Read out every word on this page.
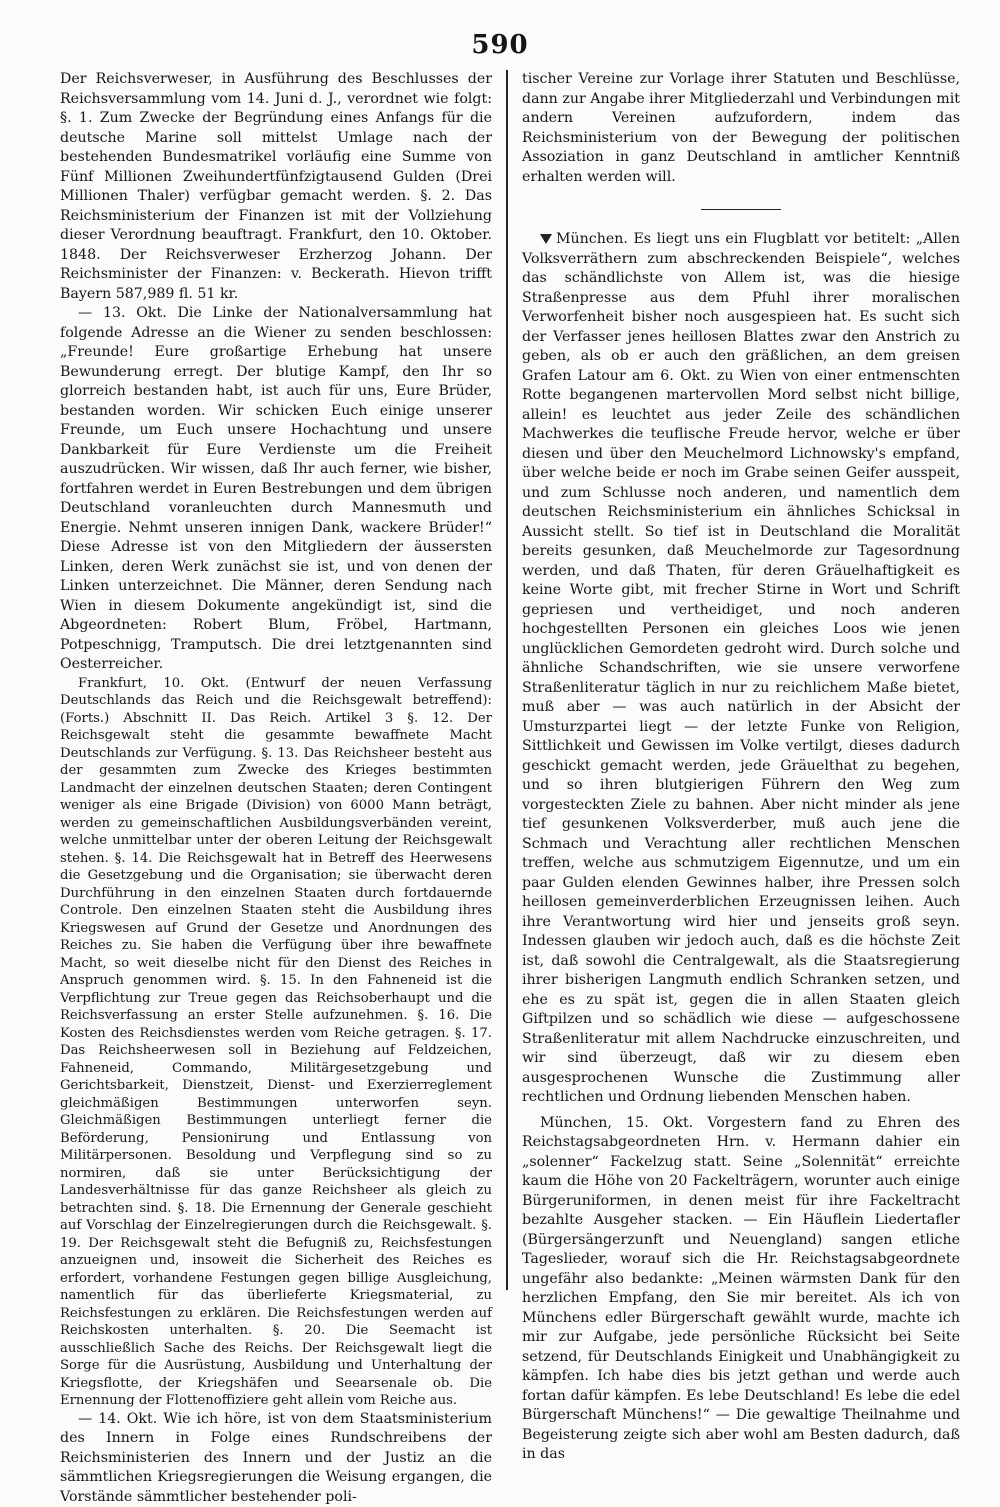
590

Der Reichsverweser, in Ausführung des Beschlusses der Reichsversammlung vom 14. Juni d. J., verordnet wie folgt: §. 1. Zum Zwecke der Begründung eines Anfangs für die deutsche Marine soll mittelst Umlage nach der bestehenden Bundesmatrikel vorläufig eine Summe von Fünf Millionen Zweihundertfünfzigtausend Gulden (Drei Millionen Thaler) verfügbar gemacht werden. §. 2. Das Reichsministerium der Finanzen ist mit der Vollziehung dieser Verordnung beauftragt. Frankfurt, den 10. Oktober. 1848. Der Reichsverweser Erzherzog Johann. Der Reichsminister der Finanzen: v. Beckerath. Hievon trifft Bayern 587,989 fl. 51 kr.

— 13. Okt. Die Linke der Nationalversammlung hat folgende Adresse an die Wiener zu senden beschlossen: „Freunde! Eure großartige Erhebung hat unsere Bewunderung erregt. Der blutige Kampf, den Ihr so glorreich bestanden habt, ist auch für uns, Eure Brüder, bestanden worden. Wir schicken Euch einige unserer Freunde, um Euch unsere Hochachtung und unsere Dankbarkeit für Eure Verdienste um die Freiheit auszudrücken. Wir wissen, daß Ihr auch ferner, wie bisher, fortfahren werdet in Euren Bestrebungen und dem übrigen Deutschland voranleuchten durch Mannesmuth und Energie. Nehmt unseren innigen Dank, wackere Brüder!“ Diese Adresse ist von den Mitgliedern der äussersten Linken, deren Werk zunächst sie ist, und von denen der Linken unterzeichnet. Die Männer, deren Sendung nach Wien in diesem Dokumente angekündigt ist, sind die Abgeordneten: Robert Blum, Fröbel, Hartmann, Potpeschnigg, Tramputsch. Die drei letztgenannten sind Oesterreicher.

Frankfurt, 10. Okt. (Entwurf der neuen Verfassung Deutschlands das Reich und die Reichsgewalt betreffend): (Forts.) Abschnitt II. Das Reich. Artikel 3 §. 12. Der Reichsgewalt steht die gesammte bewaffnete Macht Deutschlands zur Verfügung. §. 13. Das Reichsheer besteht aus der gesammten zum Zwecke des Krieges bestimmten Landmacht der einzelnen deutschen Staaten; deren Contingent weniger als eine Brigade (Division) von 6000 Mann beträgt, werden zu gemeinschaftlichen Ausbildungsverbänden vereint, welche unmittelbar unter der oberen Leitung der Reichsgewalt stehen. §. 14. Die Reichsgewalt hat in Betreff des Heerwesens die Gesetzgebung und die Organisation; sie überwacht deren Durchführung in den einzelnen Staaten durch fortdauernde Controle. Den einzelnen Staaten steht die Ausbildung ihres Kriegswesen auf Grund der Gesetze und Anordnungen des Reiches zu. Sie haben die Verfügung über ihre bewaffnete Macht, so weit dieselbe nicht für den Dienst des Reiches in Anspruch genommen wird. §. 15. In den Fahneneid ist die Verpflichtung zur Treue gegen das Reichsoberhaupt und die Reichsverfassung an erster Stelle aufzunehmen. §. 16. Die Kosten des Reichsdienstes werden vom Reiche getragen. §. 17. Das Reichsheerwesen soll in Beziehung auf Feldzeichen, Fahneneid, Commando, Militärgesetzgebung und Gerichtsbarkeit, Dienstzeit, Dienst- und Exerzierreglement gleichmäßigen Bestimmungen unterworfen seyn. Gleichmäßigen Bestimmungen unterliegt ferner die Beförderung, Pensionirung und Entlassung von Militärpersonen. Besoldung und Verpflegung sind so zu normiren, daß sie unter Berücksichtigung der Landesverhältnisse für das ganze Reichsheer als gleich zu betrachten sind. §. 18. Die Ernennung der Generale geschieht auf Vorschlag der Einzelregierungen durch die Reichsgewalt. §. 19. Der Reichsgewalt steht die Befugniß zu, Reichsfestungen anzueignen und, insoweit die Sicherheit des Reiches es erfordert, vorhandene Festungen gegen billige Ausgleichung, namentlich für das überlieferte Kriegsmaterial, zu Reichsfestungen zu erklären. Die Reichsfestungen werden auf Reichskosten unterhalten. §. 20. Die Seemacht ist ausschließlich Sache des Reichs. Der Reichsgewalt liegt die Sorge für die Ausrüstung, Ausbildung und Unterhaltung der Kriegsflotte, der Kriegshäfen und Seearsenale ob. Die Ernennung der Flottenoffiziere geht allein vom Reiche aus.

— 14. Okt. Wie ich höre, ist von dem Staatsministerium des Innern in Folge eines Rundschreibens der Reichsministerien des Innern und der Justiz an die sämmtlichen Kriegsregierungen die Weisung ergangen, die Vorstände sämmtlicher bestehender poli-

tischer Vereine zur Vorlage ihrer Statuten und Beschlüsse, dann zur Angabe ihrer Mitgliederzahl und Verbindungen mit andern Vereinen aufzufordern, indem das Reichsministerium von der Bewegung der politischen Assoziation in ganz Deutschland in amtlicher Kenntniß erhalten werden will.

München. Es liegt uns ein Flugblatt vor betitelt: „Allen Volksverräthern zum abschreckenden Beispiele“, welches das schändlichste von Allem ist, was die hiesige Straßenpresse aus dem Pfuhl ihrer moralischen Verworfenheit bisher noch ausgespieen hat. Es sucht sich der Verfasser jenes heillosen Blattes zwar den Anstrich zu geben, als ob er auch den gräßlichen, an dem greisen Grafen Latour am 6. Okt. zu Wien von einer entmenschten Rotte begangenen martervollen Mord selbst nicht billige, allein! es leuchtet aus jeder Zeile des schändlichen Machwerkes die teuflische Freude hervor, welche er über diesen und über den Meuchelmord Lichnowsky's empfand, über welche beide er noch im Grabe seinen Geifer ausspeit, und zum Schlusse noch anderen, und namentlich dem deutschen Reichsministerium ein ähnliches Schicksal in Aussicht stellt. So tief ist in Deutschland die Moralität bereits gesunken, daß Meuchelmorde zur Tagesordnung werden, und daß Thaten, für deren Gräuelhaftigkeit es keine Worte gibt, mit frecher Stirne in Wort und Schrift gepriesen und vertheidiget, und noch anderen hochgestellten Personen ein gleiches Loos wie jenen unglücklichen Gemordeten gedroht wird. Durch solche und ähnliche Schandschriften, wie sie unsere verworfene Straßenliteratur täglich in nur zu reichlichem Maße bietet, muß aber — was auch natürlich in der Absicht der Umsturzpartei liegt — der letzte Funke von Religion, Sittlichkeit und Gewissen im Volke vertilgt, dieses dadurch geschickt gemacht werden, jede Gräuelthat zu begehen, und so ihren blutgierigen Führern den Weg zum vorgesteckten Ziele zu bahnen. Aber nicht minder als jene tief gesunkenen Volksverderber, muß auch jene die Schmach und Verachtung aller rechtlichen Menschen treffen, welche aus schmutzigem Eigennutze, und um ein paar Gulden elenden Gewinnes halber, ihre Pressen solch heillosen gemeinverderblichen Erzeugnissen leihen. Auch ihre Verantwortung wird hier und jenseits groß seyn. Indessen glauben wir jedoch auch, daß es die höchste Zeit ist, daß sowohl die Centralgewalt, als die Staatsregierung ihrer bisherigen Langmuth endlich Schranken setzen, und ehe es zu spät ist, gegen die in allen Staaten gleich Giftpilzen und so schädlich wie diese — aufgeschossene Straßenliteratur mit allem Nachdrucke einzuschreiten, und wir sind überzeugt, daß wir zu diesem eben ausgesprochenen Wunsche die Zustimmung aller rechtlichen und Ordnung liebenden Menschen haben.

München, 15. Okt. Vorgestern fand zu Ehren des Reichstagsabgeordneten Hrn. v. Hermann dahier ein „solenner“ Fackelzug statt. Seine „Solennität“ erreichte kaum die Höhe von 20 Fackelträgern, worunter auch einige Bürgeruniformen, in denen meist für ihre Fackeltracht bezahlte Ausgeher stacken. — Ein Häuflein Liedertafler (Bürgersängerzunft und Neuengland) sangen etliche Tageslieder, worauf sich die Hr. Reichstagsabgeordnete ungefähr also bedankte: „Meinen wärmsten Dank für den herzlichen Empfang, den Sie mir bereitet. Als ich von Münchens edler Bürgerschaft gewählt wurde, machte ich mir zur Aufgabe, jede persönliche Rücksicht bei Seite setzend, für Deutschlands Einigkeit und Unabhängigkeit zu kämpfen. Ich habe dies bis jetzt gethan und werde auch fortan dafür kämpfen. Es lebe Deutschland! Es lebe die edel Bürgerschaft Münchens!“ — Die gewaltige Theilnahme und Begeisterung zeigte sich aber wohl am Besten dadurch, daß in das
